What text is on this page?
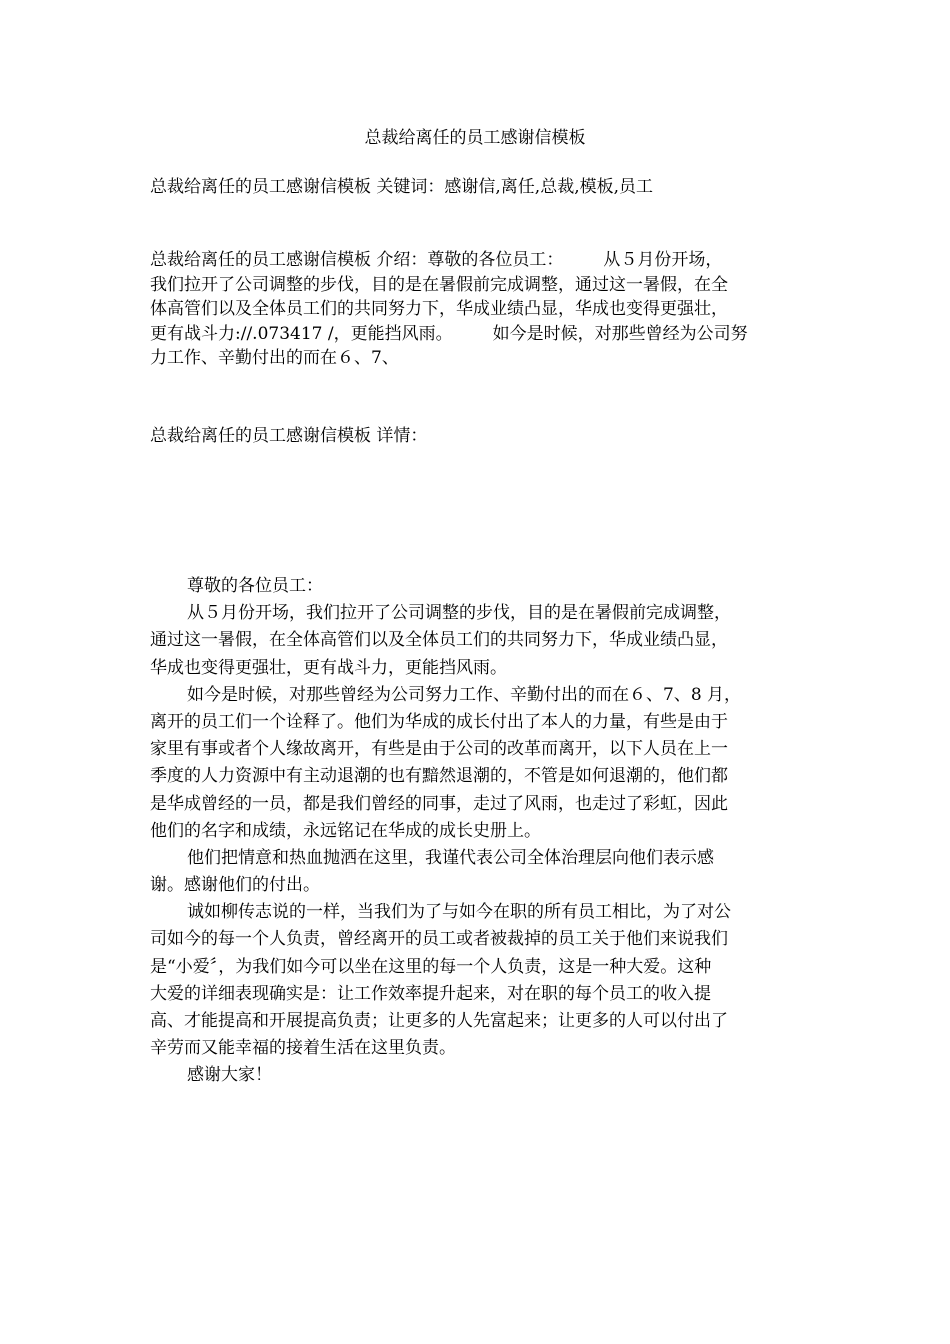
总裁给离任的员工感谢信模板
总裁给离任的员工感谢信模板 关键词：感谢信,离任,总裁,模板,员工
总裁给离任的员工感谢信模板 介绍：尊敬的各位员工： 从５月份开场，
我们拉开了公司调整的步伐，目的是在暑假前完成调整，通过这一暑假，在全
体高管们以及全体员工们的共同努力下，华成业绩凸显，华成也变得更强壮，
更有战斗力://.073417 /，更能挡风雨。 如今是时候，对那些曾经为公司努
力工作、辛勤付出的而在６、7、
总裁给离任的员工感谢信模板 详情：
尊敬的各位员工：
从５月份开场，我们拉开了公司调整的步伐，目的是在暑假前完成调整，
通过这一暑假，在全体高管们以及全体员工们的共同努力下，华成业绩凸显，
华成也变得更强壮，更有战斗力，更能挡风雨。
如今是时候，对那些曾经为公司努力工作、辛勤付出的而在６、7、8 月，
离开的员工们一个诠释了。他们为华成的成长付出了本人的力量，有些是由于
家里有事或者个人缘故离开，有些是由于公司的改革而离开，以下人员在上一
季度的人力资源中有主动退潮的也有黯然退潮的，不管是如何退潮的，他们都
是华成曾经的一员，都是我们曾经的同事，走过了风雨，也走过了彩虹，因此
他们的名字和成绩，永远铭记在华成的成长史册上。
他们把情意和热血抛洒在这里，我谨代表公司全体治理层向他们表示感
谢。感谢他们的付出。
诚如柳传志说的一样，当我们为了与如今在职的所有员工相比，为了对公
司如今的每一个人负责，曾经离开的员工或者被裁掉的员工关于他们来说我们
是“小爱〞，为我们如今可以坐在这里的每一个人负责，这是一种大爱。这种
大爱的详细表现确实是：让工作效率提升起来，对在职的每个员工的收入提
高、才能提高和开展提高负责；让更多的人先富起来；让更多的人可以付出了
辛劳而又能幸福的接着生活在这里负责。
感谢大家！
